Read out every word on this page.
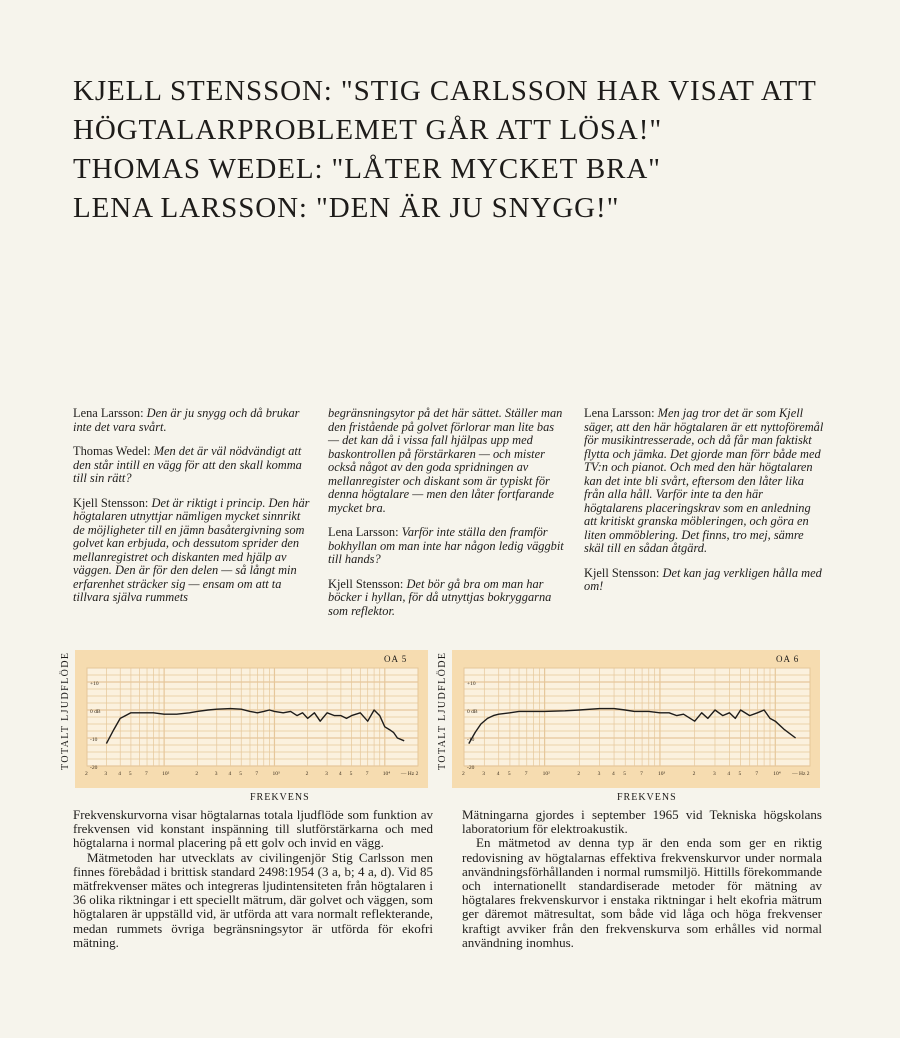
KJELL STENSSON: "STIG CARLSSON HAR VISAT ATT
HÖGTALARPROBLEMET GÅR ATT LÖSA!"
THOMAS WEDEL: "LÅTER MYCKET BRA"
LENA LARSSON: "DEN ÄR JU SNYGG!"

Lena Larsson: Den är ju snygg och då brukar inte det vara svårt.

Thomas Wedel: Men det är väl nödvändigt att den står intill en vägg för att den skall komma till sin rätt?

Kjell Stensson: Det är riktigt i princip. Den här högtalaren utnyttjar nämligen mycket sinnrikt de möjligheter till en jämn basåtergivning som golvet kan erbjuda, och dessutom sprider den mellanregistret och diskanten med hjälp av väggen. Den är för den delen — så långt min erfarenhet sträcker sig — ensam om att ta tillvara själva rummets

begränsningsytor på det här sättet. Ställer man den fristående på golvet förlorar man lite bas — det kan då i vissa fall hjälpas upp med baskontrollen på förstärkaren — och mister också något av den goda spridningen av mellanregister och diskant som är typiskt för denna högtalare — men den låter fortfarande mycket bra.

Lena Larsson: Varför inte ställa den framför bokhyllan om man inte har någon ledig väggbit till hands?

Kjell Stensson: Det bör gå bra om man har böcker i hyllan, för då utnyttjas bokryggarna som reflektor.

Lena Larsson: Men jag tror det är som Kjell säger, att den här högtalaren är ett nyttoföremål för musikintresserade, och då får man faktiskt flytta och jämka. Det gjorde man förr både med TV:n och pianot. Och med den här högtalaren kan det inte bli svårt, eftersom den låter lika från alla håll. Varför inte ta den här högtalarens placeringskrav som en anledning att kritiskt granska möbleringen, och göra en liten ommöblering. Det finns, tro mej, sämre skäl till en sådan åtgärd.

Kjell Stensson: Det kan jag verkligen hålla med om!

TOTALT LJUDFLÖDE	+10
0 dB
-10
-20
2	3 4 5 7	10²	2	3 4 5 7	10³	2	3 4 5 7	10⁴ — Hz 2
OA 5
FREKVENS
TOTALT LJUDFLÖDE	+10
0 dB
-10
-20
2	3 4 5	7	10²	2	3 4 5	7	10³	2	3 4 5	7	10⁴ — Hz 2
OA 6
FREKVENS

Frekvenskurvorna visar högtalarnas totala ljudflöde som funktion av frekvensen vid konstant inspänning till slutförstärkarna och med högtalarna i normal placering på ett golv och invid en vägg.

Mätmetoden har utvecklats av civilingenjör Stig Carlsson men finnes förebådad i brittisk standard 2498:1954 (3 a, b; 4 a, d). Vid 85 mätfrekvenser mätes och integreras ljudintensiteten från högtalaren i 36 olika riktningar i ett speciellt mätrum, där golvet och väggen, som högtalaren är uppställd vid, är utförda att vara normalt reflekterande, medan rummets övriga begränsningsytor är utförda för ekofri mätning.

Mätningarna gjordes i september 1965 vid Tekniska högskolans laboratorium för elektroakustik.

En mätmetod av denna typ är den enda som ger en riktig redovisning av högtalarnas effektiva frekvenskurvor under normala användningsförhållanden i normal rumsmiljö. Hittills förekommande och internationellt standardiserade metoder för mätning av högtalares frekvenskurvor i enstaka riktningar i helt ekofria mätrum ger däremot mätresultat, som både vid låga och höga frekvenser kraftigt avviker från den frekvenskurva som erhålles vid normal användning inomhus.
